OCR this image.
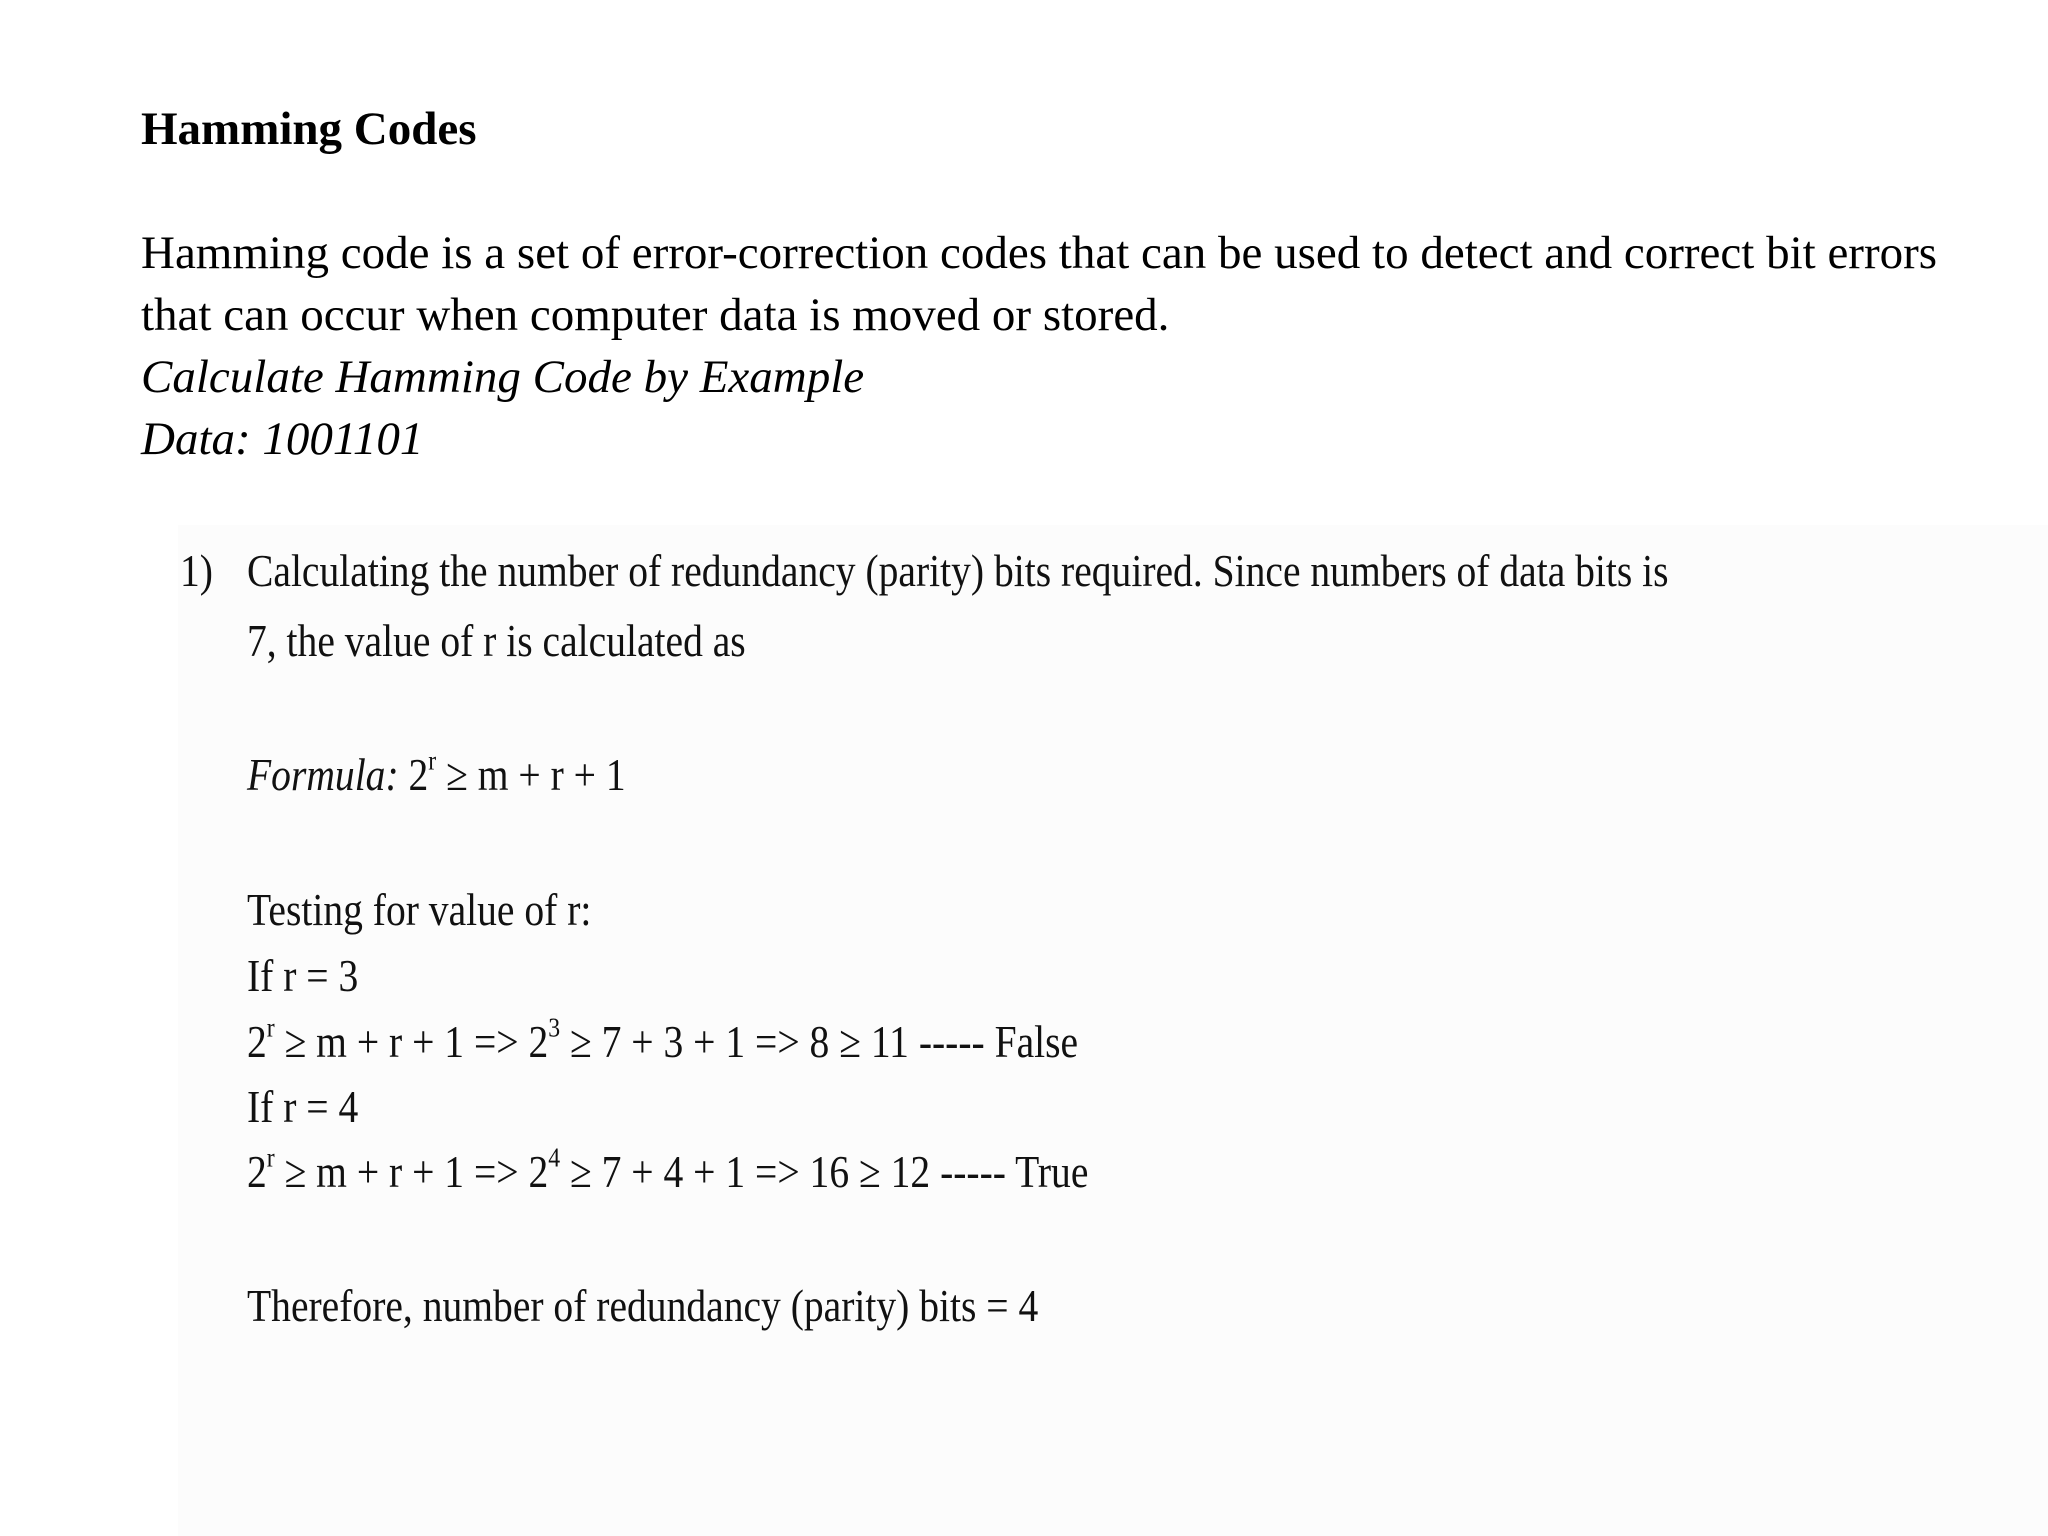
Hamming Codes

Hamming code is a set of error-correction codes that can be used to detect and correct bit errors that can occur when computer data is moved or stored.

Calculate Hamming Code by Example

Data: 1001101

1) Calculating the number of redundancy (parity) bits required. Since numbers of data bits is
7, the value of r is calculated as
Formula: $2^r \ge m + r + 1$
Testing for value of r:
If r = 3
$2^r \ge m + r + 1 => 2^3 \ge 7 + 3 + 1 => 8 \ge 11$ ----- False
If r = 4
$2^r \ge m + r + 1 => 2^4 \ge 7 + 4 + 1 => 16 \ge 12$ ----- True
Therefore, number of redundancy (parity) bits = 4
